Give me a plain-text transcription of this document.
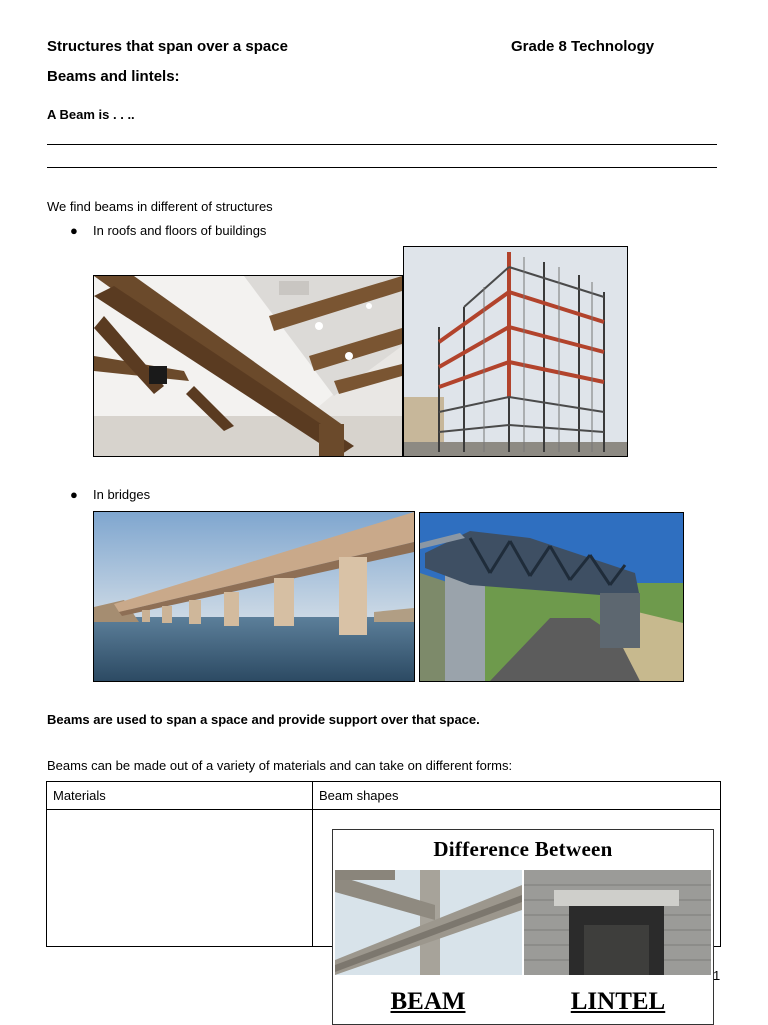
Structures that span over a space	Grade 8 Technology
Beams and lintels:
A Beam is . . ..
We find beams in different of structures
● In roofs and floors of buildings
● In bridges
Beams are used to span a space and provide support over that space.
Beams can be made out of a variety of materials and can take on different forms:
Materials	Beam shapes

Difference Between
BEAM	LINTEL
1
